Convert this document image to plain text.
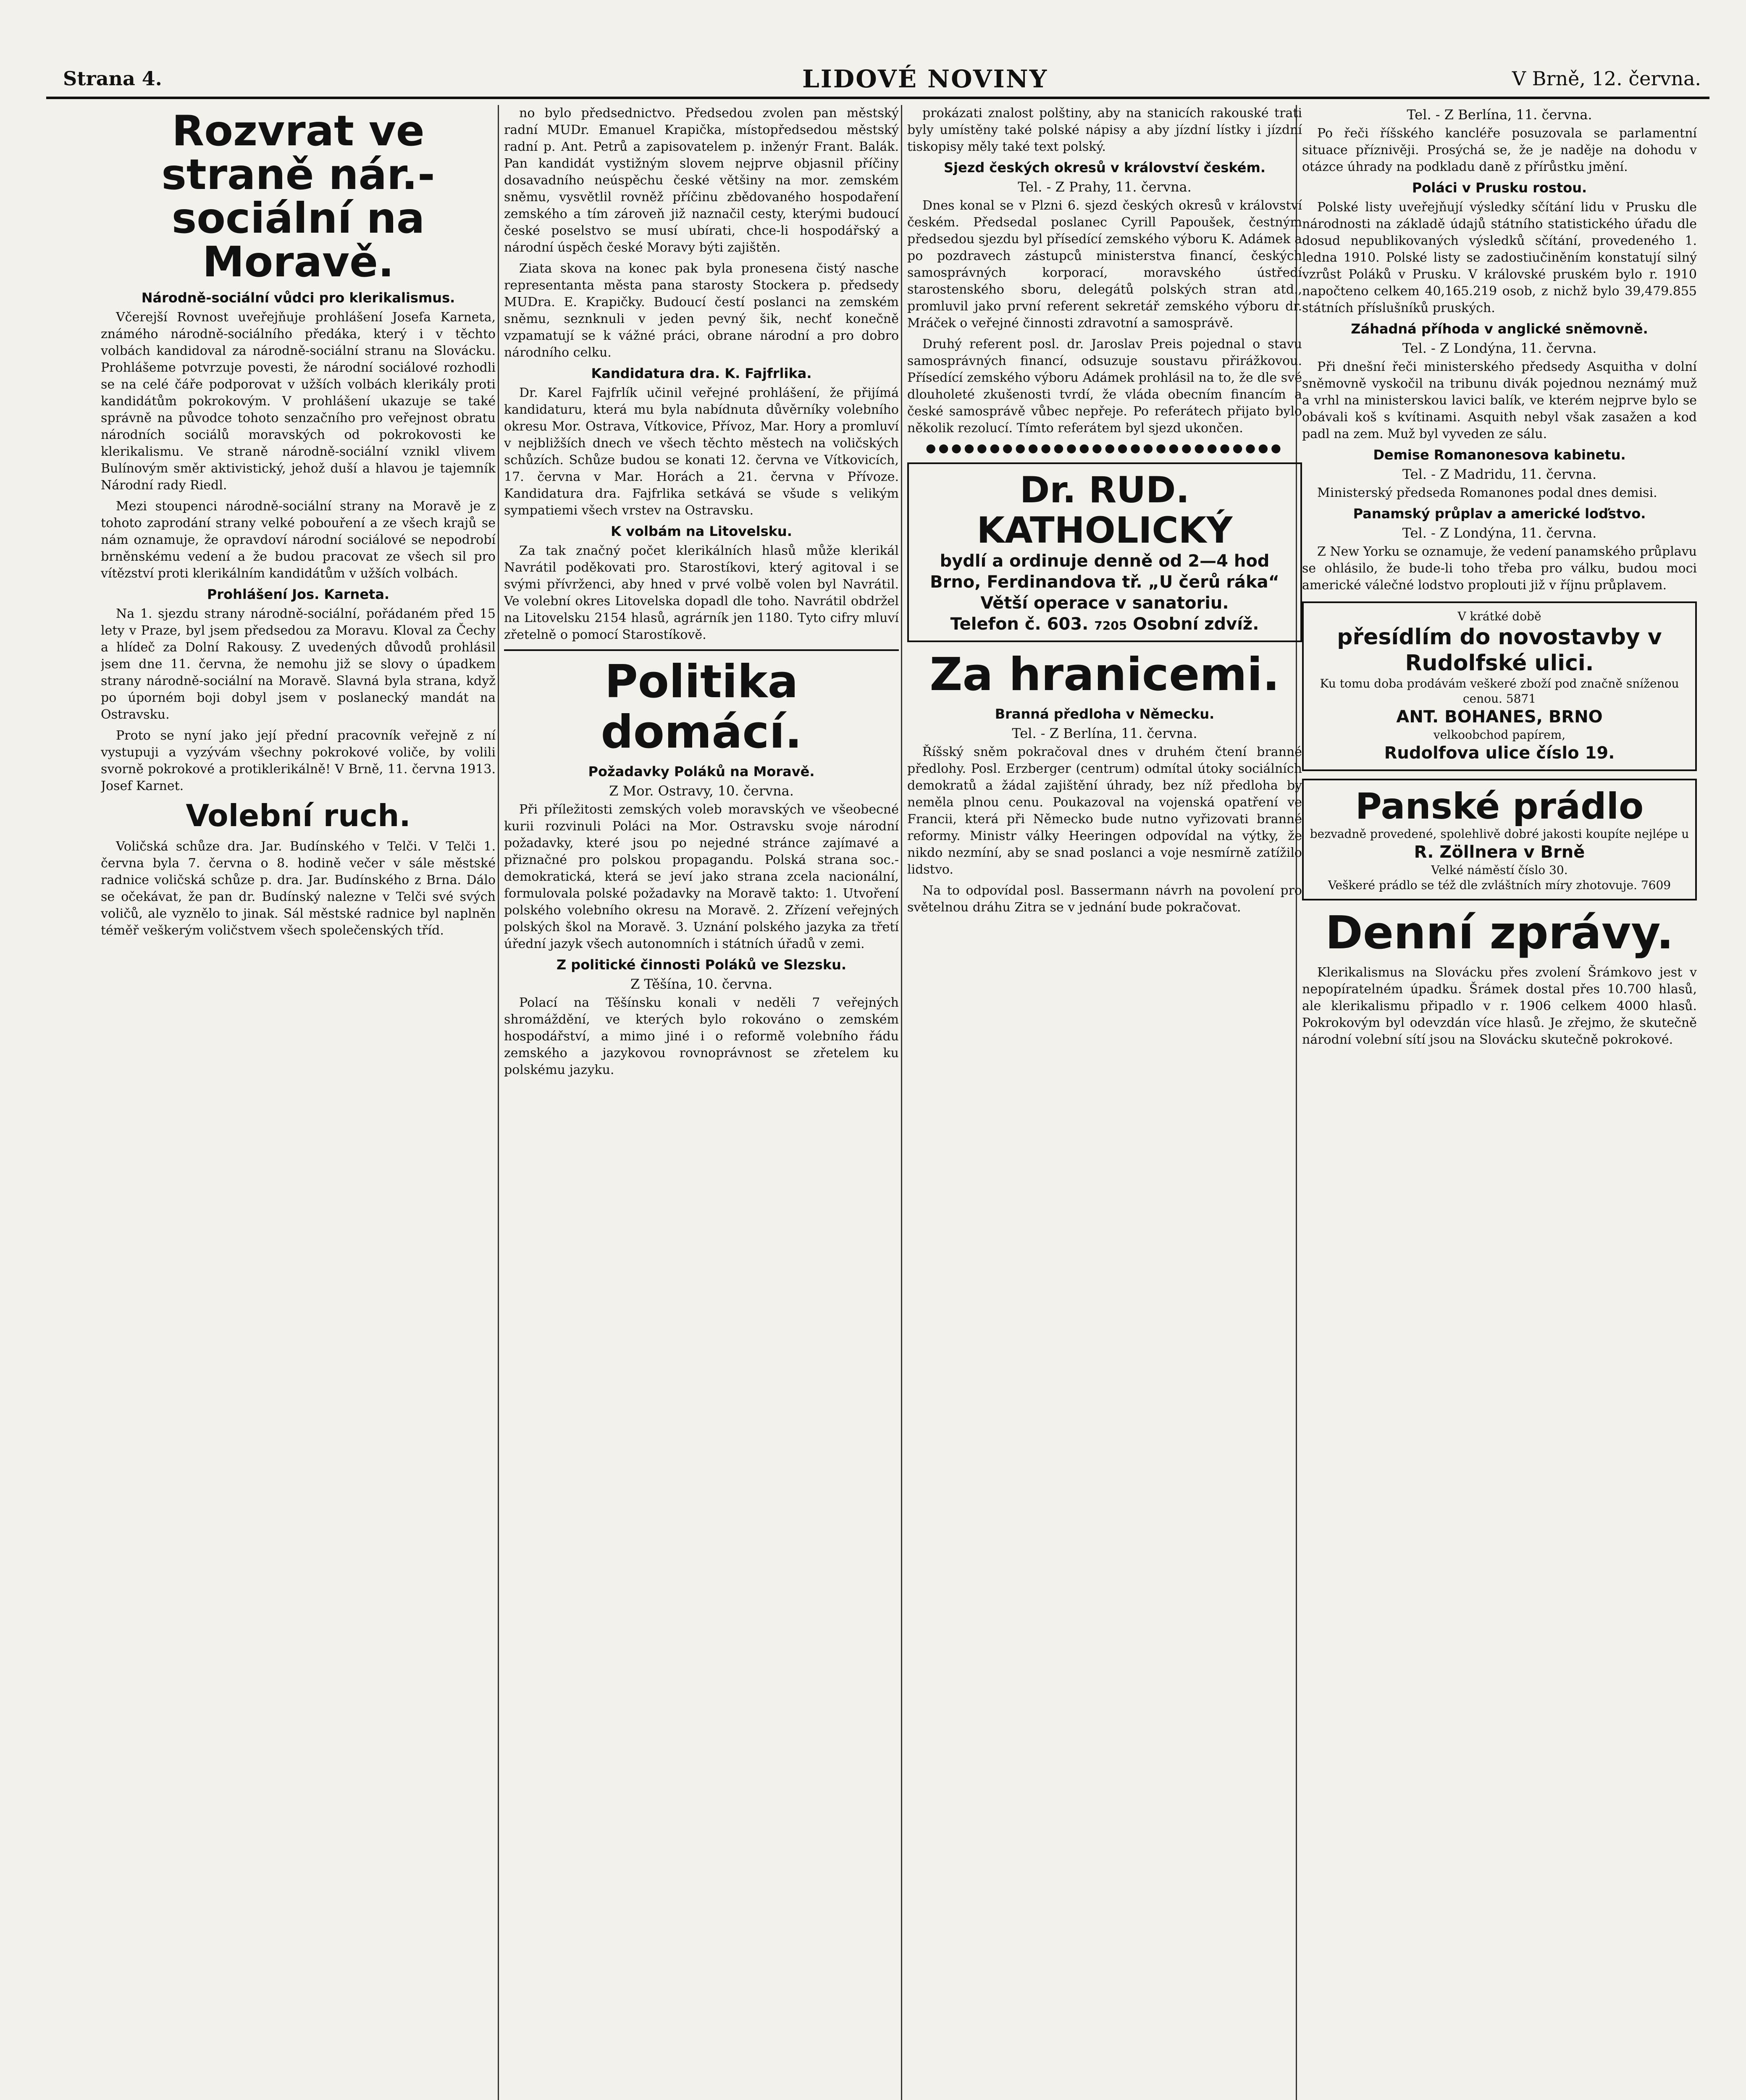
Strana 4.	LIDOVÉ NOVINY	V Brně, 12. června.
Rozvrat ve straně nár.-sociální na Moravě.
Národně-sociální vůdci pro klerikalismus.

Včerejší Rovnost uveřejňuje prohlášení Josefa Karneta, známého národně-sociálního předáka, který i v těchto volbách kandidoval za národně-sociální stranu na Slovácku. Prohlášeme potvrzuje povesti, že národní sociálové rozhodli se na celé čáře podporovat v užších volbách klerikály proti kandidátům pokrokovým. V prohlášení ukazuje se také správně na původce tohoto senzačního pro veřejnost obratu národních sociálů moravských od pokrokovosti ke klerikalismu. Ve straně národně-sociální vznikl vlivem Bulínovým směr aktivistický, jehož duší a hlavou je tajemník Národní rady Riedl.

Mezi stoupenci národně-sociální strany na Moravě je z tohoto zaprodání strany velké pobouření a ze všech krajů se nám oznamuje, že opravdoví národní sociálové se nepodrobí brněnskému vedení a že budou pracovat ze všech sil pro vítězství proti klerikálním kandidátům v užších volbách.

Prohlášení Jos. Karneta.

Na 1. sjezdu strany národně-sociální, pořádaném před 15 lety v Praze, byl jsem předsedou za Moravu. Kloval za Čechy a hlídeč za Dolní Rakousy. Z uvedených důvodů prohlásil jsem dne 11. června, že nemohu již se slovy o úpadkem strany národně-sociální na Moravě. Slavná byla strana, když po úporném boji dobyl jsem v poslanecký mandát na Ostravsku.

Proto se nyní jako její přední pracovník veřejně z ní vystupuji a vyzývám všechny pokrokové voliče, by volili svorně pokrokové a protiklerikálně! V Brně, 11. června 1913. Josef Karnet.

Volební ruch.

Voličská schůze dra. Jar. Budínského v Telči. V Telči 1. června byla 7. června o 8. hodině večer v sále městské radnice voličská schůze p. dra. Jar. Budínského z Brna. Dálo se očekávat, že pan dr. Budínský nalezne v Telči své svých voličů, ale vyznělo to jinak. Sál městské radnice byl naplněn téměř veškerým voličstvem všech společenských tříd.

no bylo předsednictvo. Předsedou zvolen pan městský radní MUDr. Emanuel Krapička, místopředsedou městský radní p. Ant. Petrů a zapisovatelem p. inženýr Frant. Balák. Pan kandidát vystižným slovem nejprve objasnil příčiny dosavadního neúspěchu české většiny na mor. zemském sněmu, vysvětlil rovněž příčinu zbědovaného hospodaření zemského a tím zároveň již naznačil cesty, kterými budoucí české poselstvo se musí ubírati, chce-li hospodářský a národní úspěch české Moravy býti zajištěn.

Ziata skova na konec pak byla pronesena čistý nasche representanta města pana starosty Stockera p. předsedy MUDra. E. Krapičky. Budoucí čestí poslanci na zemském sněmu, seznknuli v jeden pevný šik, nechť konečně vzpamatují se k vážné práci, obrane národní a pro dobro národního celku.

Kandidatura dra. K. Fajfrlika.

Dr. Karel Fajfrlík učinil veřejné prohlášení, že přijímá kandidaturu, která mu byla nabídnuta důvěrníky volebního okresu Mor. Ostrava, Vítkovice, Přívoz, Mar. Hory a promluví v nejbližších dnech ve všech těchto městech na voličských schůzích. Schůze budou se konati 12. června ve Vítkovicích, 17. června v Mar. Horách a 21. června v Přívoze. Kandidatura dra. Fajfrlika setkává se všude s velikým sympatiemi všech vrstev na Ostravsku.

K volbám na Litovelsku.

Za tak značný počet klerikálních hlasů může klerikál Navrátil poděkovati pro. Starostíkovi, který agitoval i se svými přívrženci, aby hned v prvé volbě volen byl Navrátil. Ve volební okres Litovelska dopadl dle toho. Navrátil obdržel na Litovelsku 2154 hlasů, agrárník jen 1180. Tyto cifry mluví zřetelně o pomocí Starostíkově.

Politika domácí.
Požadavky Poláků na Moravě.
Z Mor. Ostravy, 10. června.

Při příležitosti zemských voleb moravských ve všeobecné kurii rozvinuli Poláci na Mor. Ostravsku svoje národní požadavky, které jsou po nejedné stránce zajímavé a přiznačné pro polskou propagandu. Polská strana soc.-demokratická, která se jeví jako strana zcela nacionální, formulovala polské požadavky na Moravě takto: 1. Utvoření polského volebního okresu na Moravě. 2. Zřízení veřejných polských škol na Moravě. 3. Uznání polského jazyka za třetí úřední jazyk všech autonomních i státních úřadů v zemi.

Z politické činnosti Poláků ve Slezsku.
Z Těšína, 10. června.

Polací na Těšínsku konali v neděli 7 veřejných shromáždění, ve kterých bylo rokováno o zemském hospodářství, a mimo jiné i o reformě volebního řádu zemského a jazykovou rovnoprávnost se zřetelem ku polskému jazyku.

prokázati znalost polštiny, aby na stanicích rakouské trati byly umístěny také polské nápisy a aby jízdní lístky i jízdní tiskopisy měly také text polský.

Sjezd českých okresů v království českém.
Tel. - Z Prahy, 11. června.

Dnes konal se v Plzni 6. sjezd českých okresů v království českém. Předsedal poslanec Cyrill Papoušek, čestným předsedou sjezdu byl přísedící zemského výboru K. Adámek a po pozdravech zástupců ministerstva financí, českých samosprávných korporací, moravského ústředí starostenského sboru, delegátů polských stran atd., promluvil jako první referent sekretář zemského výboru dr. Mráček o veřejné činnosti zdravotní a samosprávě.

Druhý referent posl. dr. Jaroslav Preis pojednal o stavu samosprávných financí, odsuzuje soustavu přirážkovou. Přísedící zemského výboru Adámek prohlásil na to, že dle své dlouholeté zkušenosti tvrdí, že vláda obecním financím a české samosprávě vůbec nepřeje. Po referátech přijato bylo několik rezolucí. Tímto referátem byl sjezd ukončen.

●●●●●●●●●●●●●●●●●●●●●●●●●●●●
Dr. RUD. KATHOLICKÝ
bydlí a ordinuje denně od 2—4 hod
Brno, Ferdinandova tř. „U čerů ráka“
Větší operace v sanatoriu.
Telefon č. 603. 7205 Osobní zdvíž.
Za hranicemi.
Branná předloha v Německu.
Tel. - Z Berlína, 11. června.

Říšský sněm pokračoval dnes v druhém čtení branné předlohy. Posl. Erzberger (centrum) odmítal útoky sociálních demokratů a žádal zajištění úhrady, bez níž předloha by neměla plnou cenu. Poukazoval na vojenská opatření ve Francii, která při Německo bude nutno vyřizovati branné reformy. Ministr války Heeringen odpovídal na výtky, že nikdo nezmíní, aby se snad poslanci a voje nesmírně zatížilo lidstvo.

Na to odpovídal posl. Bassermann návrh na povolení pro světelnou dráhu Zitra se v jednání bude pokračovat.

Tel. - Z Berlína, 11. června.

Po řeči říšského kancléře posuzovala se parlamentní situace příznivěji. Prosýchá se, že je naděje na dohodu v otázce úhrady na podkladu daně z přírůstku jmění.

Poláci v Prusku rostou.

Polské listy uveřejňují výsledky sčítání lidu v Prusku dle národnosti na základě údajů státního statistického úřadu dle dosud nepublikovaných výsledků sčítání, provedeného 1. ledna 1910. Polské listy se zadostiučiněním konstatují silný vzrůst Poláků v Prusku. V královské pruském bylo r. 1910 napočteno celkem 40,165.219 osob, z nichž bylo 39,479.855 státních příslušníků pruských.

Záhadná příhoda v anglické sněmovně.
Tel. - Z Londýna, 11. června.

Při dnešní řeči ministerského předsedy Asquitha v dolní sněmovně vyskočil na tribunu divák pojednou neznámý muž a vrhl na ministerskou lavici balík, ve kterém nejprve bylo se obávali koš s kvítinami. Asquith nebyl však zasažen a kod padl na zem. Muž byl vyveden ze sálu.

Demise Romanonesova kabinetu.
Tel. - Z Madridu, 11. června.

Ministerský předseda Romanones podal dnes demisi.

Panamský průplav a americké loďstvo.
Tel. - Z Londýna, 11. června.

Z New Yorku se oznamuje, že vedení panamského průplavu se ohlásilo, že bude-li toho třeba pro válku, budou moci americké válečné lodstvo proplouti již v říjnu průplavem.

V krátké době
přesídlím do novostavby v Rudolfské ulici.
Ku tomu doba prodávám veškeré zboží pod značně sníženou cenou. 5871
ANT. BOHANES, BRNO
velkoobchod papírem,
Rudolfova ulice číslo 19.
Panské prádlo
bezvadně provedené, spolehlivě dobré jakosti koupíte nejlépe u
R. Zöllnera v Brně
Velké náměstí číslo 30.
Veškeré prádlo se též dle zvláštních míry zhotovuje. 7609
Denní zprávy.

Klerikalismus na Slovácku přes zvolení Šrámkovo jest v nepopíratelném úpadku. Šrámek dostal přes 10.700 hlasů, ale klerikalismu připadlo v r. 1906 celkem 4000 hlasů. Pokrokovým byl odevzdán více hlasů. Je zřejmo, že skutečně národní volební sítí jsou na Slovácku skutečně pokrokové.
